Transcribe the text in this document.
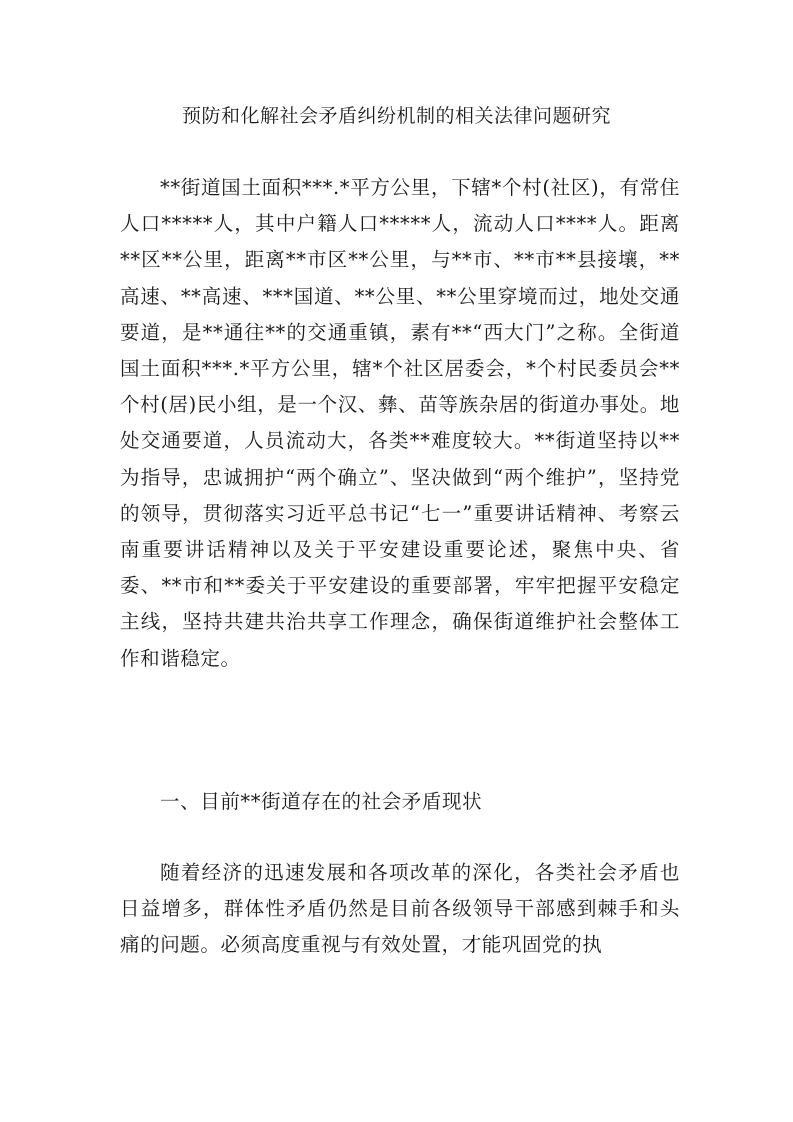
预防和化解社会矛盾纠纷机制的相关法律问题研究

**街道国土面积***.*平方公里，下辖*个村(社区)，有常住人口*****人，其中户籍人口*****人，流动人口****人。距离**区**公里，距离**市区**公里，与**市、**市**县接壤，**高速、**高速、***国道、**公里、**公里穿境而过，地处交通要道，是**通往**的交通重镇，素有**“西大门”之称。全街道国土面积***.*平方公里，辖*个社区居委会，*个村民委员会**个村(居)民小组，是一个汉、彝、苗等族杂居的街道办事处。地处交通要道，人员流动大，各类**难度较大。**街道坚持以**为指导，忠诚拥护“两个确立”、坚决做到“两个维护”，坚持党的领导，贯彻落实习近平总书记“七一”重要讲话精神、考察云南重要讲话精神以及关于平安建设重要论述，聚焦中央、省委、**市和**委关于平安建设的重要部署，牢牢把握平安稳定主线，坚持共建共治共享工作理念，确保街道维护社会整体工作和谐稳定。

一、目前**街道存在的社会矛盾现状

随着经济的迅速发展和各项改革的深化，各类社会矛盾也日益增多，群体性矛盾仍然是目前各级领导干部感到棘手和头痛的问题。必须高度重视与有效处置，才能巩固党的执
